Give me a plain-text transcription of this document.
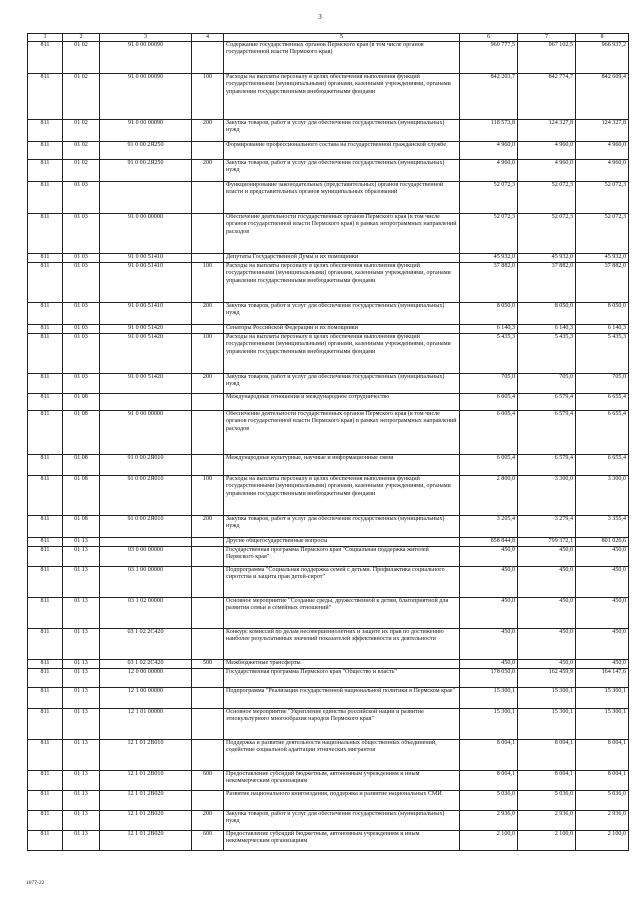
3
1	2	3	4	5	6	7	8
811	01 02	91 0 00 00090		Содержание государственных органов Пермского края (в том числе органов государственной власти Пермского края)	960 777,5	967 102,5	966 937,2
811	01 02	91 0 00 00090	100	Расходы на выплаты персоналу в целях обеспечения выполнения функций государственными (муниципальными) органами, казенными учреждениями, органами управления государственными внебюджетными фондами	842 203,7	842 774,7	842 609,4
811	01 02	91 0 00 00090	200	Закупка товаров, работ и услуг для обеспечения государственных (муниципальных) нужд	118 573,8	124 327,8	124 327,8
811	01 02	91 0 00 2Я250		Формирование профессионального состава на государственной гражданской службе	4 960,0	4 960,0	4 960,0
811	01 02	91 0 00 2Я250	200	Закупка товаров, работ и услуг для обеспечения государственных (муниципальных) нужд	4 960,0	4 960,0	4 960,0
811	01 03			Функционирование законодательных (представительных) органов государственной власти и представительных органов муниципальных образований	52 072,3	52 072,3	52 072,3
811	01 03	91 0 00 00000		Обеспечение деятельности государственных органов Пермского края (в том числе органов государственной власти Пермского края) в рамках непрограммных направлений расходов	52 072,3	52 072,3	52 072,3
811	01 03	91 0 00 51410		Депутаты Государственной Думы и их помощники	45 932,0	45 932,0	45 932,0
811	01 03	91 0 00 51410	100	Расходы на выплаты персоналу в целях обеспечения выполнения функций государственными (муниципальными) органами, казенными учреждениями, органами управления государственными внебюджетными фондами	37 882,0	37 882,0	37 882,0
811	01 03	91 0 00 51410	200	Закупка товаров, работ и услуг для обеспечения государственных (муниципальных) нужд	8 050,0	8 050,0	8 050,0
811	01 03	91 0 00 51420		Сенаторы Российской Федерации и их помощники	6 140,3	6 140,3	6 140,3
811	01 03	91 0 00 51420	100	Расходы на выплаты персоналу в целях обеспечения выполнения функций государственными (муниципальными) органами, казенными учреждениями, органами управления государственными внебюджетными фондами	5 435,3	5 435,3	5 435,3
811	01 03	91 0 00 51420	200	Закупка товаров, работ и услуг для обеспечения государственных (муниципальных) нужд	705,0	705,0	705,0
811	01 08			Международные отношения и международное сотрудничество	6 005,4	6 579,4	6 655,4
811	01 08	91 0 00 00000		Обеспечение деятельности государственных органов Пермского края (в том числе органов государственной власти Пермского края) в рамках непрограммных направлений расходов	6 005,4	6 579,4	6 655,4
811	01 08	91 0 00 2Я010		Международные культурные, научные и информационные связи	6 005,4	6 579,4	6 655,4
811	01 08	91 0 00 2Я010	100	Расходы на выплаты персоналу в целях обеспечения выполнения функций государственными (муниципальными) органами, казенными учреждениями, органами управления государственными внебюджетными фондами	2 800,0	3 300,0	3 300,0
811	01 08	91 0 00 2Я010	200	Закупка товаров, работ и услуг для обеспечения государственных (муниципальных) нужд	3 205,4	3 279,4	3 355,4
811	01 13			Другие общегосударственные вопросы	858 844,8	799 372,1	801 026,6
811	01 13	03 0 00 00000		Государственная программа Пермского края "Социальная поддержка жителей Пермского края"	450,0	450,0	450,0
811	01 13	03 1 00 00000		Подпрограмма "Социальная поддержка семей с детьми. Профилактика социального сиротства и защита прав детей-сирот"	450,0	450,0	450,0
811	01 13	03 1 02 00000		Основное мероприятие "Создание среды, дружественной к детям, благоприятной для развития семьи и семейных отношений"	450,0	450,0	450,0
811	01 13	03 1 02 2C420		Конкурс комиссий по делам несовершеннолетних и защите их прав по достижению наиболее результативных значений показателей эффективности их деятельности	450,0	450,0	450,0
811	01 13	03 1 02 2C420	500	Межбюджетные трансферты	450,0	450,0	450,0
811	01 13	12 0 00 00000		Государственная программа Пермского края "Общество и власть"	178 050,0	162 459,9	164 147,6
811	01 13	12 1 00 00000		Подпрограмма "Реализация государственной национальной политики в Пермском крае"	15 300,1	15 300,1	15 300,1
811	01 13	12 1 01 00000		Основное мероприятие "Укрепление единства российской нации и развитие этнокультурного многообразия народов Пермского края"	15 300,1	15 300,1	15 300,1
811	01 13	12 1 01 2B010		Поддержка и развитие деятельности национальных общественных объединений, содействие социальной адаптации этнических мигрантов	8 004,1	8 004,1	8 004,1
811	01 13	12 1 01 2B010	600	Предоставление субсидий бюджетным, автономным учреждениям и иным некоммерческим организациям	8 004,1	8 004,1	8 004,1
811	01 13	12 1 01 2B020		Развитие национального книгоиздания, поддержка и развитие национальных СМИ	5 036,0	5 036,0	5 036,0
811	01 13	12 1 01 2B020	200	Закупка товаров, работ и услуг для обеспечения государственных (муниципальных) нужд	2 936,0	2 936,0	2 936,0
811	01 13	12 1 01 2B020	600	Предоставление субсидий бюджетным, автономным учреждениям и иным некоммерческим организациям	2 100,0	2 100,0	2 100,0
1077-22
